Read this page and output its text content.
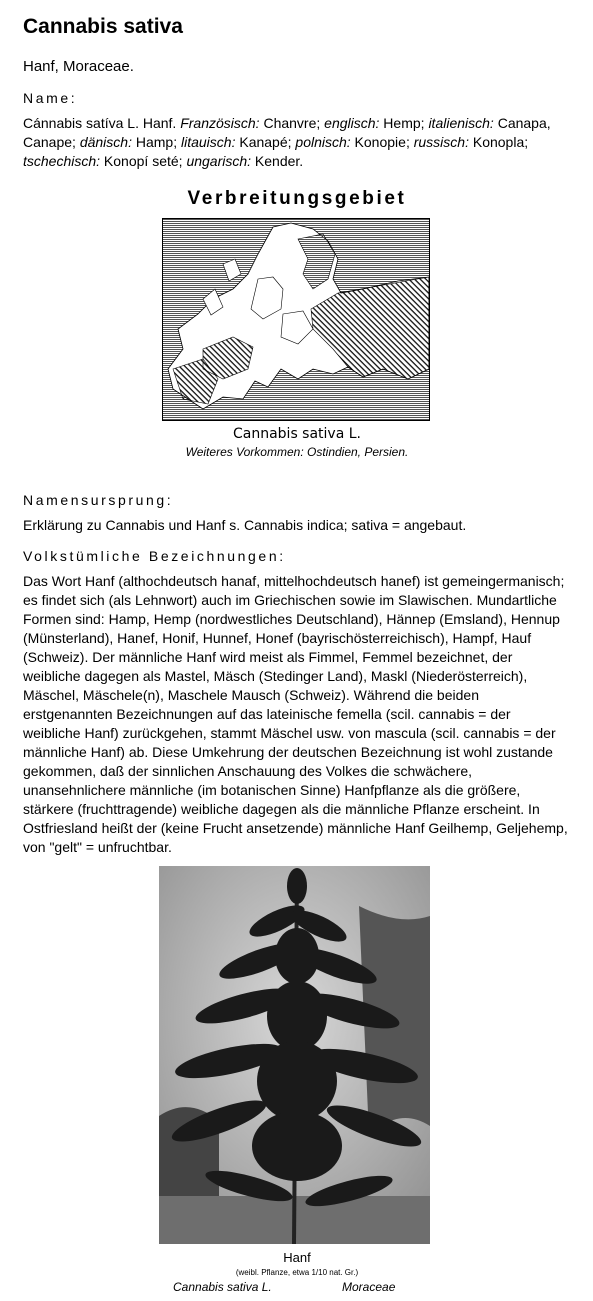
Cannabis sativa
Hanf, Moraceae.
Name:
Cánnabis satíva L. Hanf. Französisch: Chanvre; englisch: Hemp; italienisch: Canapa, Canape; dänisch: Hamp; litauisch: Kanapé; polnisch: Konopie; russisch: Konopla; tschechisch: Konopí seté; ungarisch: Kender.
Verbreitungsgebiet
Cannabis sativa L.
Weiteres Vorkommen: Ostindien, Persien.
Namensursprung:
Erklärung zu Cannabis und Hanf s. Cannabis indica; sativa = angebaut.
Volkstümliche Bezeichnungen:
Das Wort Hanf (althochdeutsch hanaf, mittelhochdeutsch hanef) ist gemeingermanisch; es findet sich (als Lehnwort) auch im Griechischen sowie im Slawischen. Mundartliche Formen sind: Hamp, Hemp (nordwestliches Deutschland), Hännep (Emsland), Hennup (Münsterland), Hanef, Honif, Hunnef, Honef (bayrischösterreichisch), Hampf, Hauf (Schweiz). Der männliche Hanf wird meist als Fimmel, Femmel bezeichnet, der weibliche dagegen als Mastel, Mäsch (Stedinger Land), Maskl (Niederösterreich), Mäschel, Mäschele(n), Maschele Mausch (Schweiz). Während die beiden erstgenannten Bezeichnungen auf das lateinische femella (scil. cannabis = der weibliche Hanf) zurückgehen, stammt Mäschel usw. von mascula (scil. cannabis = der männliche Hanf) ab. Diese Umkehrung der deutschen Bezeichnung ist wohl zustande gekommen, daß der sinnlichen Anschauung des Volkes die schwächere, unansehnlichere männliche (im botanischen Sinne) Hanfpflanze als die größere, stärkere (fruchttragende) weibliche dagegen als die männliche Pflanze erscheint. In Ostfriesland heißt der (keine Frucht ansetzende) männliche Hanf Geilhemp, Geljehemp, von "gelt" = unfruchtbar.
Hanf
(weibl. Pflanze, etwa 1/10 nat. Gr.)
Cannabis sativa L.	Moraceae
